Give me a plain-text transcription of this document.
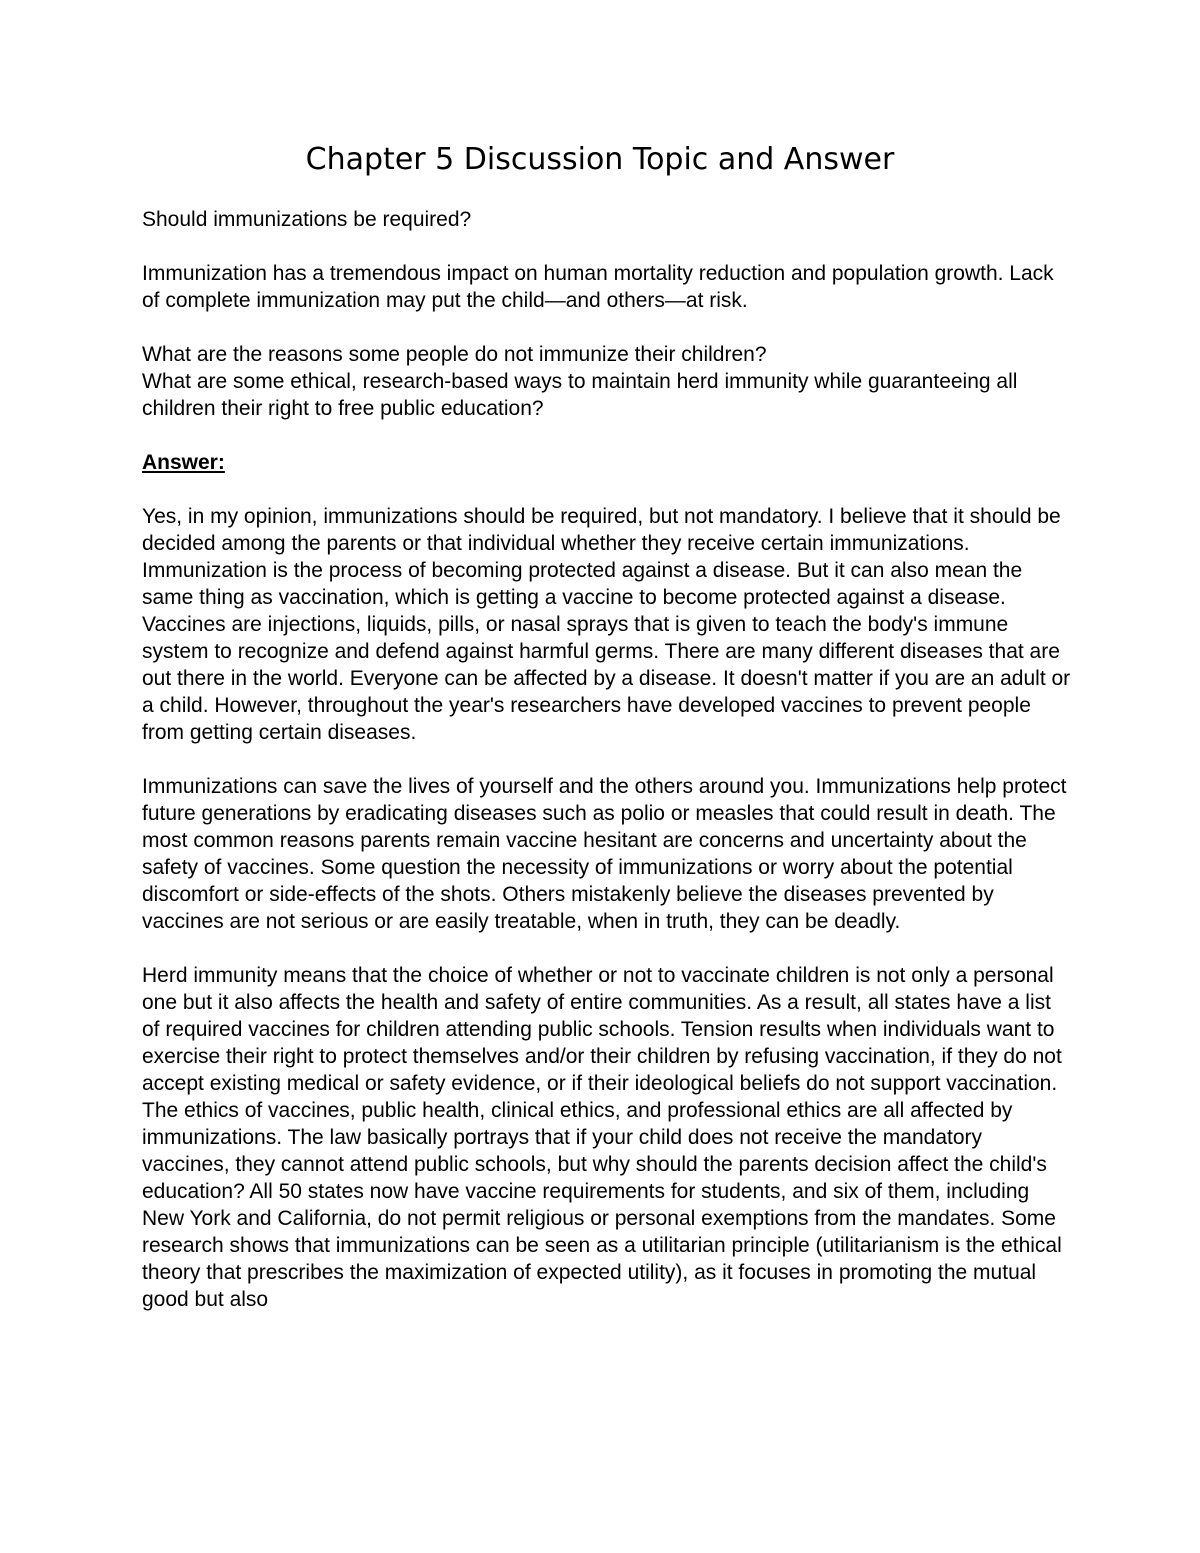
Chapter 5 Discussion Topic and Answer

Should immunizations be required?

Immunization has a tremendous impact on human mortality reduction and population growth. Lack of complete immunization may put the child—and others—at risk.

What are the reasons some people do not immunize their children?

What are some ethical, research-based ways to maintain herd immunity while guaranteeing all children their right to free public education?

Answer:

Yes, in my opinion, immunizations should be required, but not mandatory. I believe that it should be decided among the parents or that individual whether they receive certain immunizations. Immunization is the process of becoming protected against a disease. But it can also mean the same thing as vaccination, which is getting a vaccine to become protected against a disease. Vaccines are injections, liquids, pills, or nasal sprays that is given to teach the body's immune system to recognize and defend against harmful germs. There are many different diseases that are out there in the world. Everyone can be affected by a disease. It doesn't matter if you are an adult or a child. However, throughout the year's researchers have developed vaccines to prevent people from getting certain diseases.

Immunizations can save the lives of yourself and the others around you. Immunizations help protect future generations by eradicating diseases such as polio or measles that could result in death. The most common reasons parents remain vaccine hesitant are concerns and uncertainty about the safety of vaccines. Some question the necessity of immunizations or worry about the potential discomfort or side-effects of the shots. Others mistakenly believe the diseases prevented by vaccines are not serious or are easily treatable, when in truth, they can be deadly.

Herd immunity means that the choice of whether or not to vaccinate children is not only a personal one but it also affects the health and safety of entire communities. As a result, all states have a list of required vaccines for children attending public schools. Tension results when individuals want to exercise their right to protect themselves and/or their children by refusing vaccination, if they do not accept existing medical or safety evidence, or if their ideological beliefs do not support vaccination. The ethics of vaccines, public health, clinical ethics, and professional ethics are all affected by immunizations. The law basically portrays that if your child does not receive the mandatory vaccines, they cannot attend public schools, but why should the parents decision affect the child's education? All 50 states now have vaccine requirements for students, and six of them, including New York and California, do not permit religious or personal exemptions from the mandates. Some research shows that immunizations can be seen as a utilitarian principle (utilitarianism is the ethical theory that prescribes the maximization of expected utility), as it focuses in promoting the mutual good but also
